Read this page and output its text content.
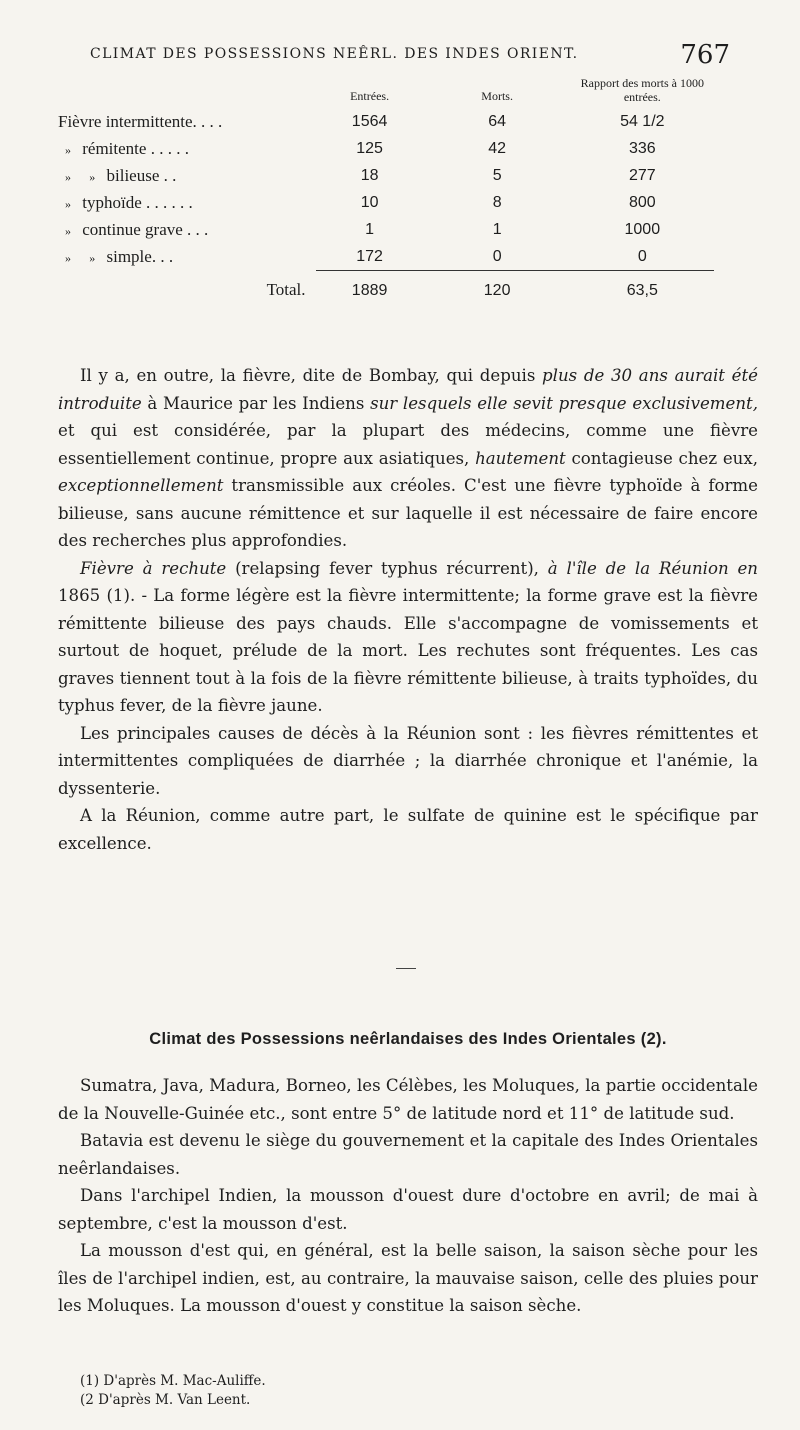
CLIMAT DES POSSESSIONS NEÊRL. DES INDES ORIENT.	767
	Entrées.	Morts.	Rapport des morts à 1000 entrées.
Fièvre intermittente. . . .	1564	64	54 1/2
» rémitente . . . . .	125	42	336
» » bilieuse . .	18	5	277
» typhoïde . . . . . .	10	8	800
» continue grave . . .	1	1	1000
» » simple. . .	172	0	0
Total.	1889	120	63,5

Il y a, en outre, la fièvre, dite de Bombay, qui depuis plus de 30 ans aurait été introduite à Maurice par les Indiens sur lesquels elle sevit presque exclusivement, et qui est considérée, par la plupart des médecins, comme une fièvre essentiellement continue, propre aux asiatiques, hautement contagieuse chez eux, exceptionnellement transmissible aux créoles. C'est une fièvre typhoïde à forme bilieuse, sans aucune rémittence et sur laquelle il est nécessaire de faire encore des recherches plus approfondies.

Fièvre à rechute (relapsing fever typhus récurrent), à l'île de la Réunion en 1865 (1). - La forme légère est la fièvre intermittente; la forme grave est la fièvre rémittente bilieuse des pays chauds. Elle s'accompagne de vomissements et surtout de hoquet, prélude de la mort. Les rechutes sont fréquentes. Les cas graves tiennent tout à la fois de la fièvre rémittente bilieuse, à traits typhoïdes, du typhus fever, de la fièvre jaune.

Les principales causes de décès à la Réunion sont : les fièvres rémittentes et intermittentes compliquées de diarrhée ; la diarrhée chronique et l'anémie, la dyssenterie.

A la Réunion, comme autre part, le sulfate de quinine est le spécifique par excellence.

Climat des Possessions neêrlandaises des Indes Orientales (2).

Sumatra, Java, Madura, Borneo, les Célèbes, les Moluques, la partie occidentale de la Nouvelle-Guinée etc., sont entre 5° de latitude nord et 11° de latitude sud.

Batavia est devenu le siège du gouvernement et la capitale des Indes Orientales neêrlandaises.

Dans l'archipel Indien, la mousson d'ouest dure d'octobre en avril; de mai à septembre, c'est la mousson d'est.

La mousson d'est qui, en général, est la belle saison, la saison sèche pour les îles de l'archipel indien, est, au contraire, la mauvaise saison, celle des pluies pour les Moluques. La mousson d'ouest y constitue la saison sèche.

(1) D'après M. Mac-Auliffe.
(2 D'après M. Van Leent.
